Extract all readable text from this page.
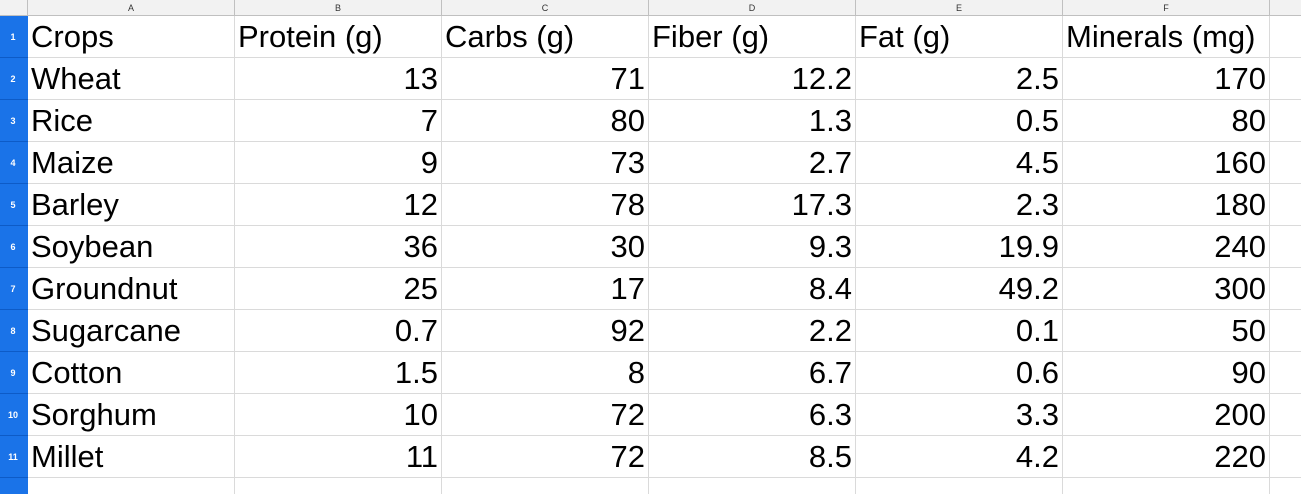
A	B	C	D	E	F
1
2
3
4
5
6
7
8
9
10
11
Crops	Protein (g)	Carbs (g)	Fiber (g)	Fat (g)	Minerals (mg)
Wheat	13	71	12.2	2.5	170
Rice	7	80	1.3	0.5	80
Maize	9	73	2.7	4.5	160
Barley	12	78	17.3	2.3	180
Soybean	36	30	9.3	19.9	240
Groundnut	25	17	8.4	49.2	300
Sugarcane	0.7	92	2.2	0.1	50
Cotton	1.5	8	6.7	0.6	90
Sorghum	10	72	6.3	3.3	200
Millet	11	72	8.5	4.2	220
